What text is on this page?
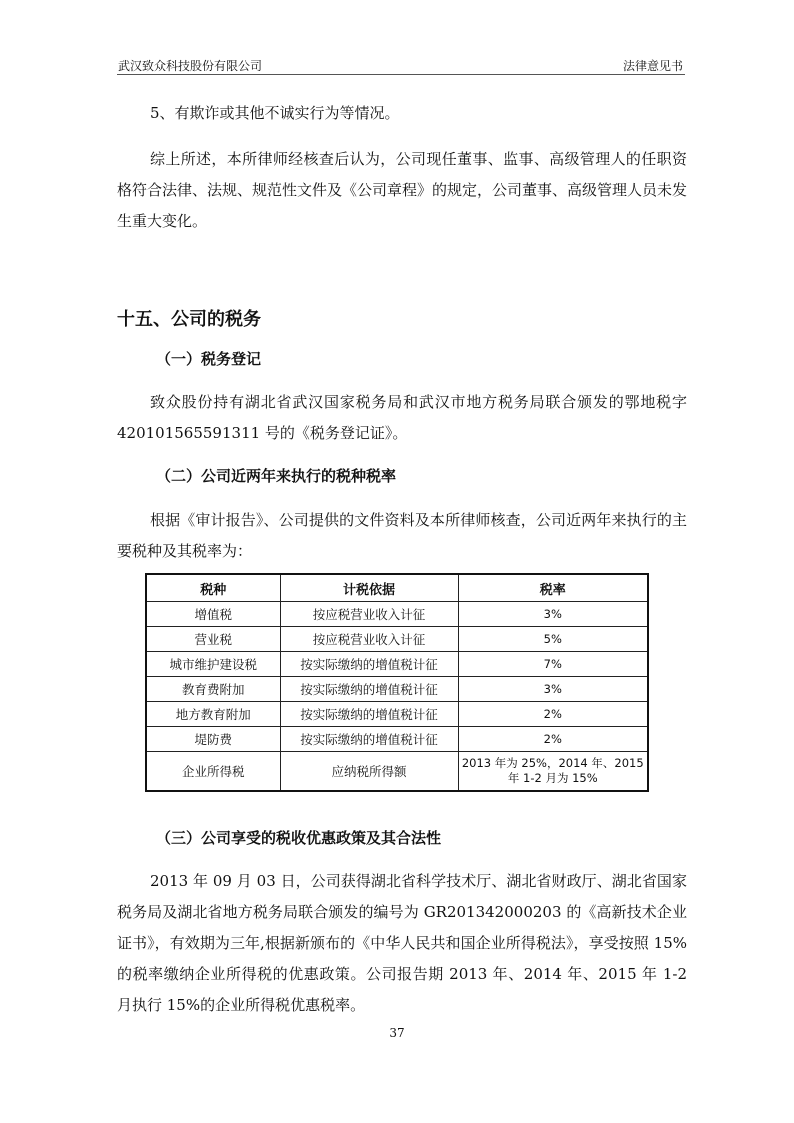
武汉致众科技股份有限公司	法律意见书

5、有欺诈或其他不诚实行为等情况。

综上所述，本所律师经核查后认为，公司现任董事、监事、高级管理人的任职资格符合法律、法规、规范性文件及《公司章程》的规定，公司董事、高级管理人员未发生重大变化。

十五、公司的税务
（一）税务登记

致众股份持有湖北省武汉国家税务局和武汉市地方税务局联合颁发的鄂地税字 420101565591311 号的《税务登记证》。

（二）公司近两年来执行的税种税率

根据《审计报告》、公司提供的文件资料及本所律师核查，公司近两年来执行的主要税种及其税率为：

税种	计税依据	税率
增值税	按应税营业收入计征	3%
营业税	按应税营业收入计征	5%
城市维护建设税	按实际缴纳的增值税计征	7%
教育费附加	按实际缴纳的增值税计征	3%
地方教育附加	按实际缴纳的增值税计征	2%
堤防费	按实际缴纳的增值税计征	2%
企业所得税	应纳税所得额	2013 年为 25%，2014 年、2015 年 1-2 月为 15%
（三）公司享受的税收优惠政策及其合法性

2013 年 09 月 03 日，公司获得湖北省科学技术厅、湖北省财政厅、湖北省国家税务局及湖北省地方税务局联合颁发的编号为 GR201342000203 的《高新技术企业证书》，有效期为三年,根据新颁布的《中华人民共和国企业所得税法》，享受按照 15%的税率缴纳企业所得税的优惠政策。公司报告期 2013 年、2014 年、2015 年 1-2 月执行 15%的企业所得税优惠税率。

37
